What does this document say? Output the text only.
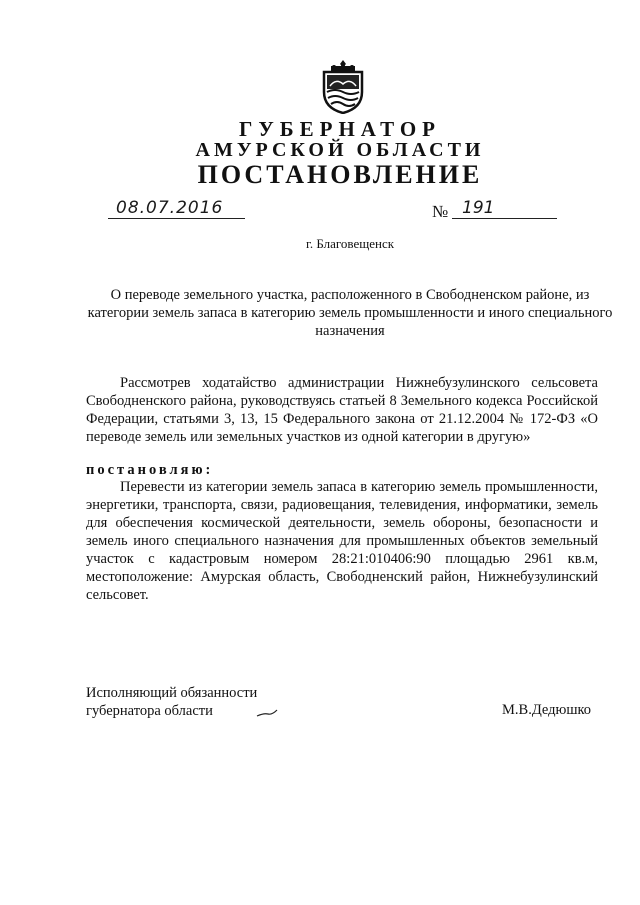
ГУБЕРНАТОР
АМУРСКОЙ ОБЛАСТИ
ПОСТАНОВЛЕНИЕ
08.07.2016	№ 191
г. Благовещенск
О переводе земельного участка, расположенного в Свободненском районе, из категории земель запаса в категорию земель промышленности и иного специального назначения
Рассмотрев ходатайство администрации Нижнебузулинского сельсовета Свободненского района, руководствуясь статьей 8 Земельного кодекса Российской Федерации, статьями 3, 13, 15 Федерального закона от 21.12.2004 № 172-ФЗ «О переводе земель или земельных участков из одной категории в другую»
постановляю:
Перевести из категории земель запаса в категорию земель промышленности, энергетики, транспорта, связи, радиовещания, телевидения, информатики, земель для обеспечения космической деятельности, земель обороны, безопасности и земель иного специального назначения для промышленных объектов земельный участок с кадастровым номером 28:21:010406:90 площадью 2961 кв.м, местоположение: Амурская область, Свободненский район, Нижнебузулинский сельсовет.
Исполняющий обязанности
губернатора области	М.В.Дедюшко
